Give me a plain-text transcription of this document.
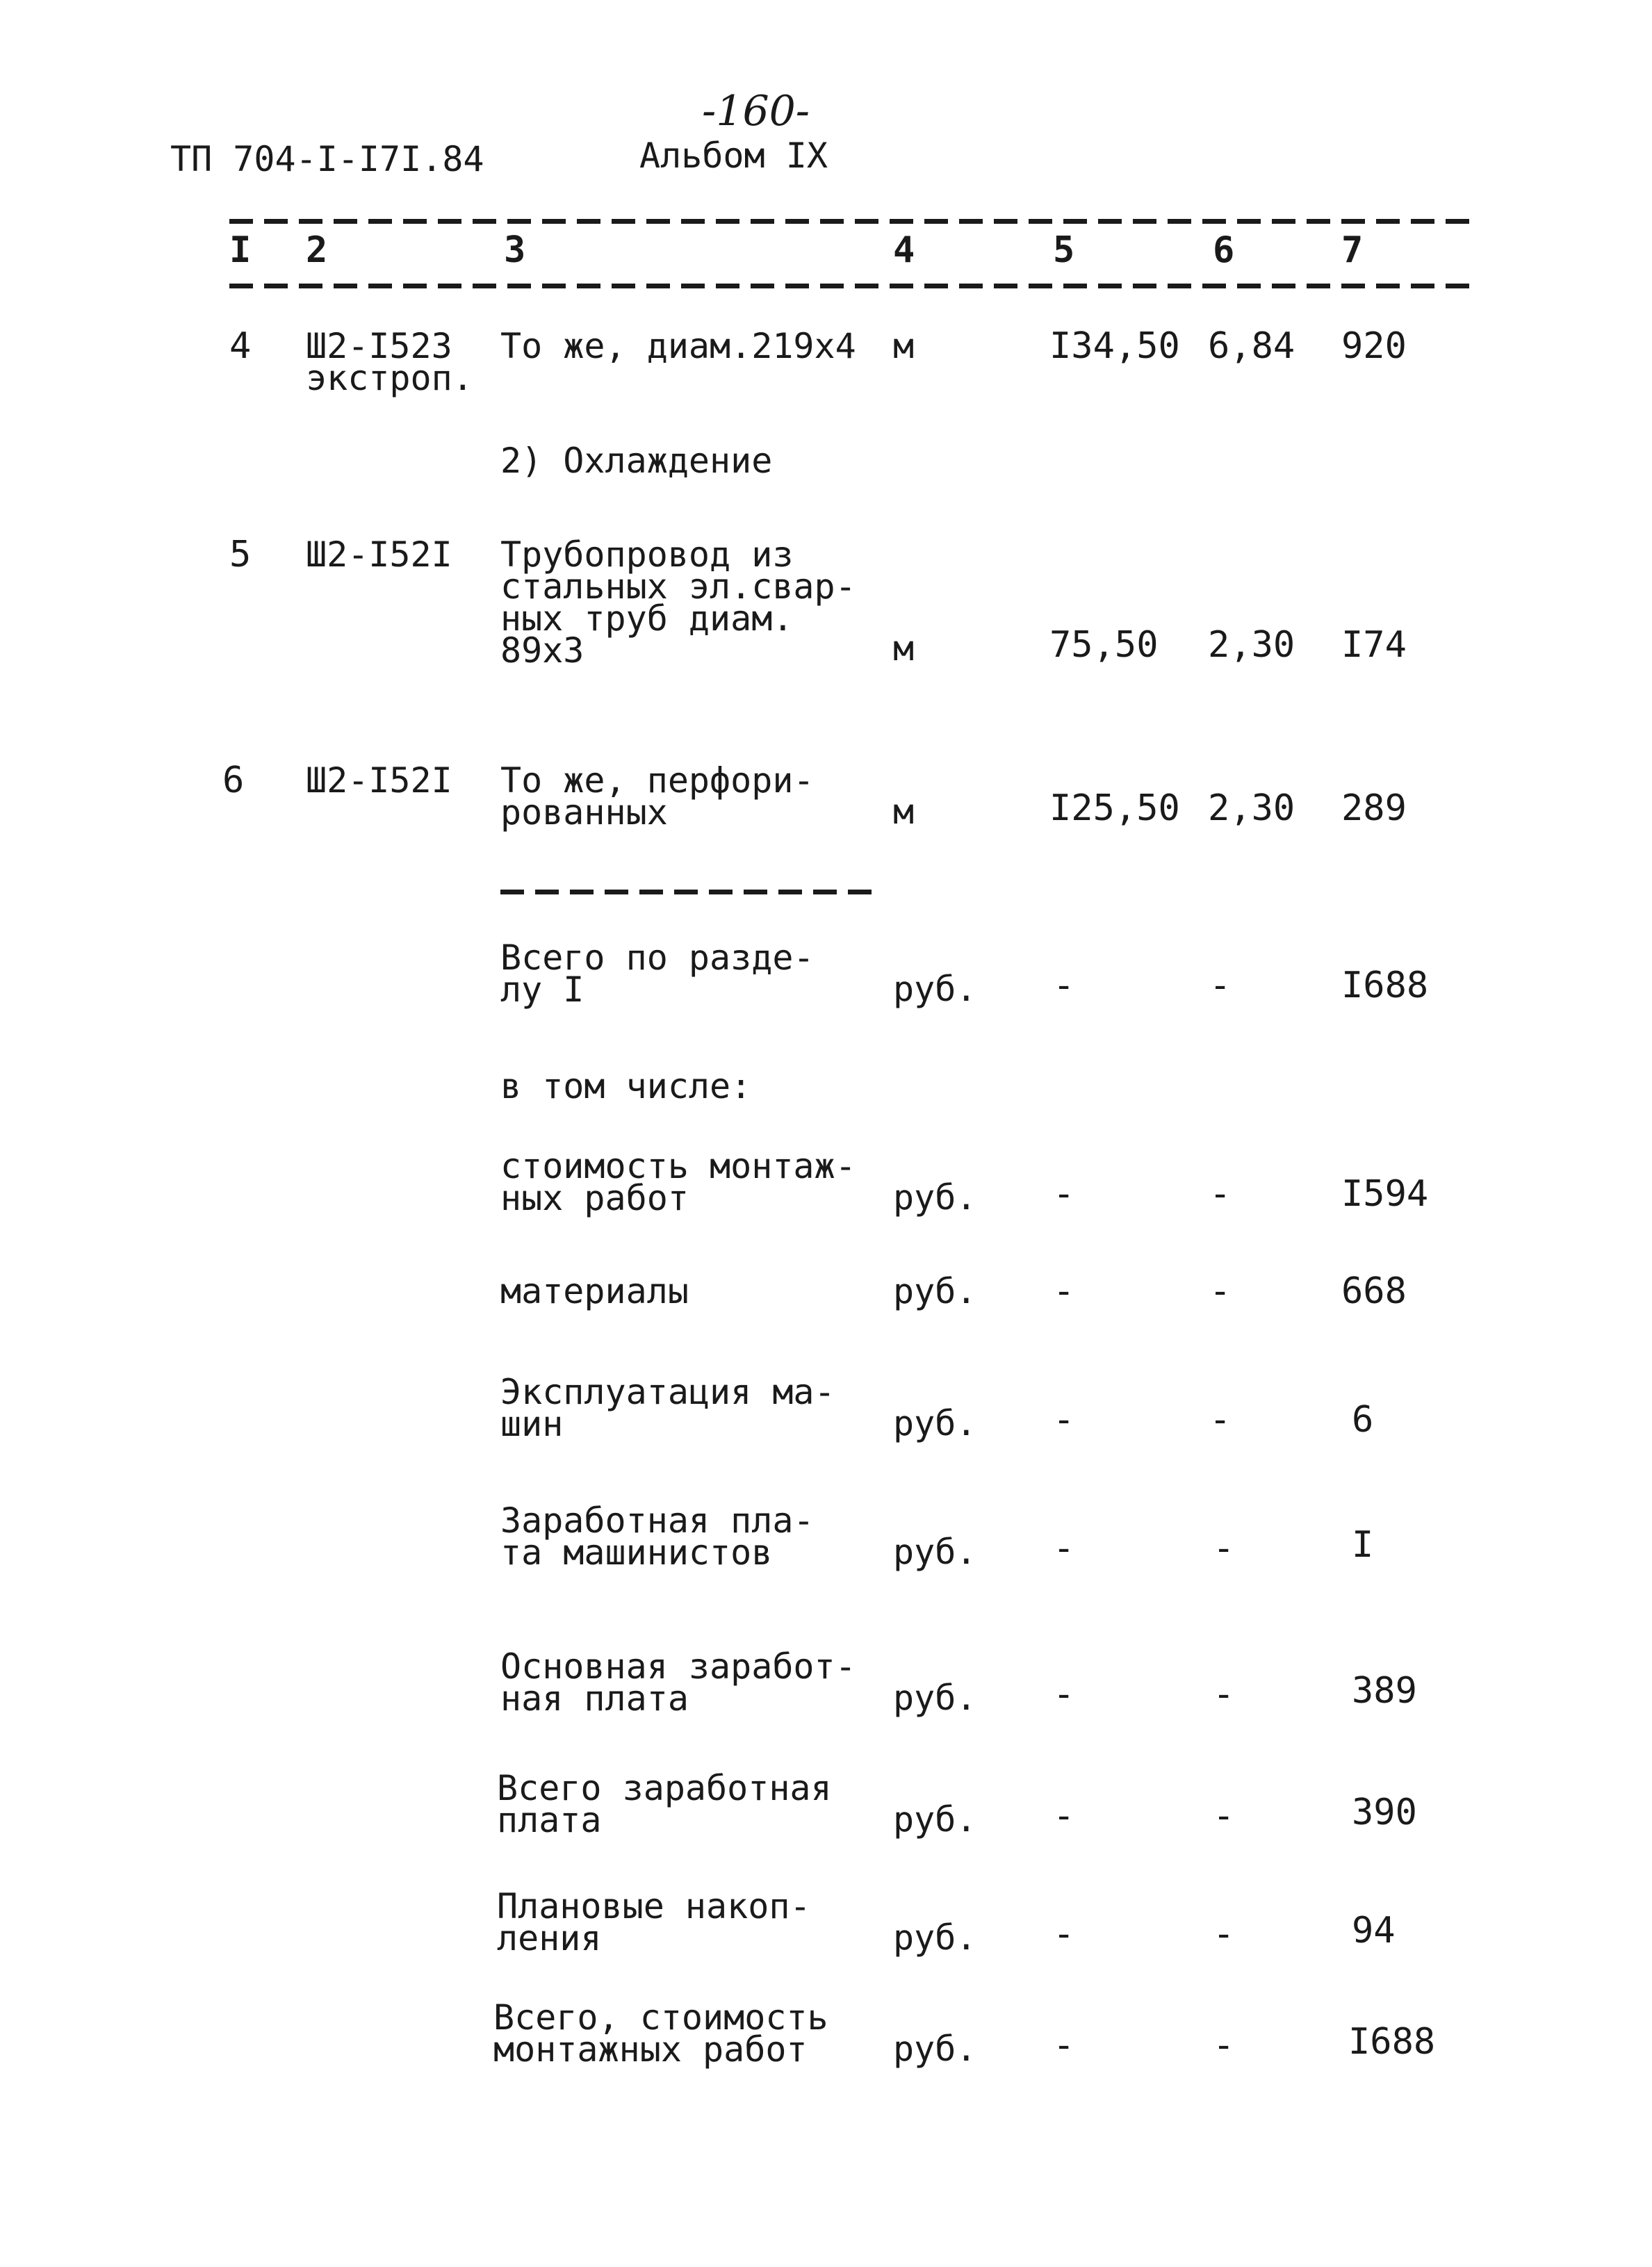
-160-
ТП 704-I-I7I.84	Альбом IX
I 2	3	4	5	6	7
4 Ш2-I523
экстроп.
То же, диам.219х4 м	I34,50 6,84 920
2) Охлаждение
5 Ш2-I52I Трубопровод из
стальных эл.свар-
ных труб диам.
89х3	м	75,50 2,30 I74
6 Ш2-I52I То же, перфори-
рованных	м	I25,50 2,30 289
Всего по разде-
лу I	руб. -	-	I688
в том числе:
стоимость монтаж-
ных работ	руб. -	-	I594
материалы	руб. -	-	668
Эксплуатация ма-
шин	руб. -	-	6
Заработная пла-
та машинистов	руб. -	-	I
Основная заработ-
ная плата	руб. -	-	389
Всего заработная
плата	руб. -	-	390
Плановые накоп-
ления	руб. -	-	94
Всего, стоимость
монтажных работ	руб. -	-	I688
